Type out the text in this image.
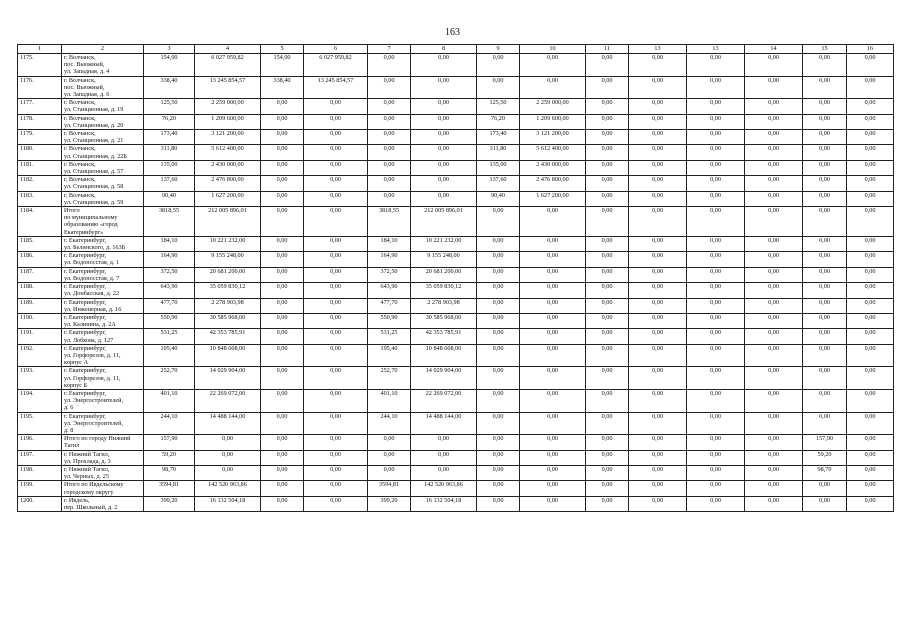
163
1	2	3	4	5	6	7	8	9	10	11	13	13	14	15	16
1175.	г. Волчанск,
пос. Вьюжный,
ул. Западная, д. 4	154,00	6 027 959,82	154,00	6 027 959,82	0,00	0,00	0,00	0,00	0,00	0,00	0,00	0,00	0,00	0,00
1176.	г. Волчанск,
пос. Вьюжный,
ул. Западная, д. 6	338,40	13 245 854,57	338,40	13 245 854,57	0,00	0,00	0,00	0,00	0,00	0,00	0,00	0,00	0,00	0,00
1177.	г. Волчанск,
ул. Станционная, д. 19	125,50	2 259 000,00	0,00	0,00	0,00	0,00	125,50	2 259 000,00	0,00	0,00	0,00	0,00	0,00	0,00
1178.	г. Волчанск,
ул. Станционная, д. 20	76,20	1 209 600,00	0,00	0,00	0,00	0,00	76,20	1 209 600,00	0,00	0,00	0,00	0,00	0,00	0,00
1179.	г. Волчанск,
ул. Станционная, д. 21	173,40	3 121 200,00	0,00	0,00	0,00	0,00	173,40	3 121 200,00	0,00	0,00	0,00	0,00	0,00	0,00
1180.	г. Волчанск,
ул. Станционная, д. 22Б	311,80	5 612 400,00	0,00	0,00	0,00	0,00	311,80	5 612 400,00	0,00	0,00	0,00	0,00	0,00	0,00
1181.	г. Волчанск,
ул. Станционная, д. 57	135,00	2 430 000,00	0,00	0,00	0,00	0,00	135,00	2 430 000,00	0,00	0,00	0,00	0,00	0,00	0,00
1182.	г. Волчанск,
ул. Станционная, д. 58	137,60	2 476 800,00	0,00	0,00	0,00	0,00	137,60	2 476 800,00	0,00	0,00	0,00	0,00	0,00	0,00
1183.	г. Волчанск,
ул. Станционная, д. 59	90,40	1 627 200,00	0,00	0,00	0,00	0,00	90,40	1 627 200,00	0,00	0,00	0,00	0,00	0,00	0,00
1184.	Итого
по муниципальному
образованию «город
Екатеринбург»	3818,55	212 005 896,01	0,00	0,00	3818,55	212 005 896,01	0,00	0,00	0,00	0,00	0,00	0,00	0,00	0,00
1185.	г. Екатеринбург,
ул. Белинского, д. 163Б	184,10	10 221 232,00	0,00	0,00	184,10	10 221 232,00	0,00	0,00	0,00	0,00	0,00	0,00	0,00	0,00
1186.	г. Екатеринбург,
ул. Водоносстая, д. 1	164,90	9 155 248,00	0,00	0,00	164,90	9 155 248,00	0,00	0,00	0,00	0,00	0,00	0,00	0,00	0,00
1187.	г. Екатеринбург,
ул. Водоносстая, д. 7	372,50	20 681 200,00	0,00	0,00	372,50	20 681 200,00	0,00	0,00	0,00	0,00	0,00	0,00	0,00	0,00
1188.	г. Екатеринбург,
ул. Донбасская, д. 22	643,90	35 059 830,12	0,00	0,00	643,90	35 059 830,12	0,00	0,00	0,00	0,00	0,00	0,00	0,00	0,00
1189.	г. Екатеринбург,
ул. Инженерная, д. 16	477,70	2 278 903,98	0,00	0,00	477,70	2 278 903,98	0,00	0,00	0,00	0,00	0,00	0,00	0,00	0,00
1190.	г. Екатеринбург,
ул. Калинина, д. 2А	550,90	30 585 968,00	0,00	0,00	550,90	30 585 968,00	0,00	0,00	0,00	0,00	0,00	0,00	0,00	0,00
1191.	г. Екатеринбург,
ул. Лобкова, д. 127	531,25	42 353 785,91	0,00	0,00	531,25	42 353 785,91	0,00	0,00	0,00	0,00	0,00	0,00	0,00	0,00
1192.	г. Екатеринбург,
ул. Горфорезов, д. 11,
корпус А	195,40	10 848 608,00	0,00	0,00	195,40	10 848 608,00	0,00	0,00	0,00	0,00	0,00	0,00	0,00	0,00
1193.	г. Екатеринбург,
ул. Горфорезов, д. 11,
корпус Б	252,70	14 029 904,00	0,00	0,00	252,70	14 029 904,00	0,00	0,00	0,00	0,00	0,00	0,00	0,00	0,00
1194.	г. Екатеринбург,
ул. Энергостроителей,
д. 6	401,10	22 269 072,00	0,00	0,00	401,10	22 269 072,00	0,00	0,00	0,00	0,00	0,00	0,00	0,00	0,00
1195.	г. Екатеринбург,
ул. Энергостроителей,
д. 8	244,10	14 488 144,00	0,00	0,00	244,10	14 488 144,00	0,00	0,00	0,00	0,00	0,00	0,00	0,00	0,00
1196.	Итого по городу Нижний
Тагил	157,90	0,00	0,00	0,00	0,00	0,00	0,00	0,00	0,00	0,00	0,00	0,00	157,90	0,00
1197.	г. Нижний Тагил,
ул. Прохлада, д. 3	59,20	0,00	0,00	0,00	0,00	0,00	0,00	0,00	0,00	0,00	0,00	0,00	59,20	0,00
1198.	г. Нижний Тагил,
ул. Черных, д. 25	98,70	0,00	0,00	0,00	0,00	0,00	0,00	0,00	0,00	0,00	0,00	0,00	98,70	0,00
1199.	Итого по Ивдельскому
городскому округу	3594,81	142 520 963,86	0,00	0,00	3594,81	142 520 963,86	0,00	0,00	0,00	0,00	0,00	0,00	0,00	0,00
1200.	г. Ивдель,
пер. Школьный, д. 2	399,20	16 132 504,18	0,00	0,00	399,20	16 132 504,18	0,00	0,00	0,00	0,00	0,00	0,00	0,00	0,00
